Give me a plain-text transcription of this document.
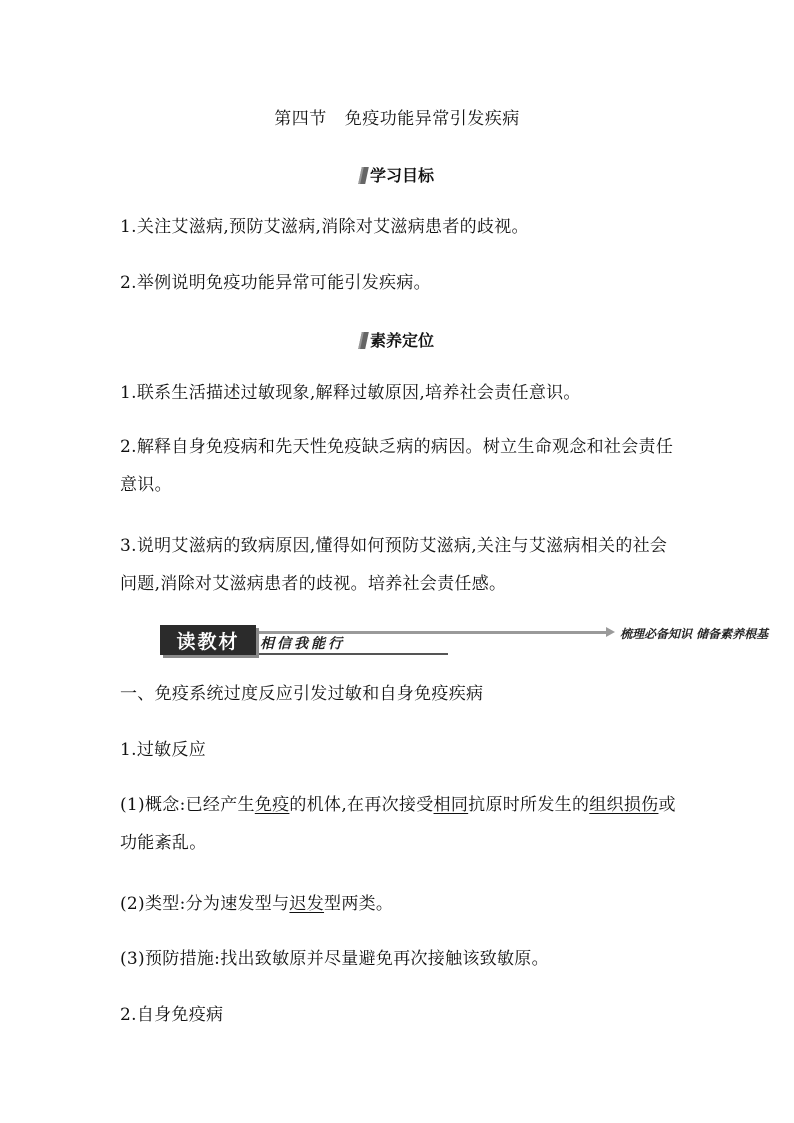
第四节 免疫功能异常引发疾病
学习目标
1.关注艾滋病,预防艾滋病,消除对艾滋病患者的歧视。
2.举例说明免疫功能异常可能引发疾病。
素养定位
1.联系生活描述过敏现象,解释过敏原因,培养社会责任意识。
2.解释自身免疫病和先天性免疫缺乏病的病因。树立生命观念和社会责任意识。
3.说明艾滋病的致病原因,懂得如何预防艾滋病,关注与艾滋病相关的社会问题,消除对艾滋病患者的歧视。培养社会责任感。
读教材	相信我能行
梳理必备知识 储备素养根基
一、免疫系统过度反应引发过敏和自身免疫疾病
1.过敏反应
(1)概念:已经产生免疫的机体,在再次接受相同抗原时所发生的组织损伤或功能紊乱。
(2)类型:分为速发型与迟发型两类。
(3)预防措施:找出致敏原并尽量避免再次接触该致敏原。
2.自身免疫病
